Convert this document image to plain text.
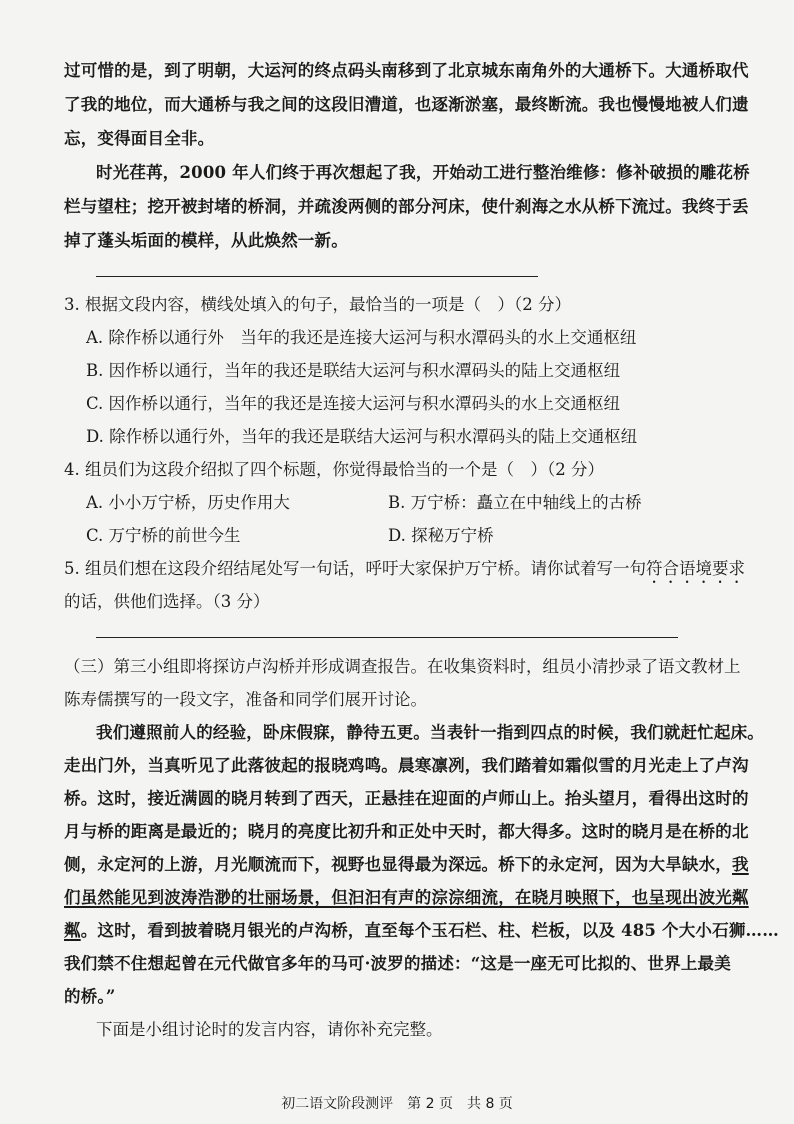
过可惜的是，到了明朝，大运河的终点码头南移到了北京城东南角外的大通桥下。大通桥取代
了我的地位，而大通桥与我之间的这段旧漕道，也逐渐淤塞，最终断流。我也慢慢地被人们遗
忘，变得面目全非。
时光荏苒，2000 年人们终于再次想起了我，开始动工进行整治维修：修补破损的雕花桥
栏与望柱；挖开被封堵的桥洞，并疏浚两侧的部分河床，使什刹海之水从桥下流过。我终于丢
掉了蓬头垢面的模样，从此焕然一新。
3. 根据文段内容，横线处填入的句子，最恰当的一项是（　）（2 分）
A. 除作桥以通行外　当年的我还是连接大运河与积水潭码头的水上交通枢纽
B. 因作桥以通行，当年的我还是联结大运河与积水潭码头的陆上交通枢纽
C. 因作桥以通行，当年的我还是连接大运河与积水潭码头的水上交通枢纽
D. 除作桥以通行外，当年的我还是联结大运河与积水潭码头的陆上交通枢纽
4. 组员们为这段介绍拟了四个标题，你觉得最恰当的一个是（　）（2 分）
A. 小小万宁桥，历史作用大	B. 万宁桥：矗立在中轴线上的古桥
C. 万宁桥的前世今生	D. 探秘万宁桥
5. 组员们想在这段介绍结尾处写一句话，呼吁大家保护万宁桥。请你试着写一句符合语境要求
的话，供他们选择。（3 分）
（三）第三小组即将探访卢沟桥并形成调查报告。在收集资料时，组员小清抄录了语文教材上
陈寿儒撰写的一段文字，准备和同学们展开讨论。
我们遵照前人的经验，卧床假寐，静待五更。当表针一指到四点的时候，我们就赶忙起床。
走出门外，当真听见了此落彼起的报晓鸡鸣。晨寒凛冽，我们踏着如霜似雪的月光走上了卢沟
桥。这时，接近满圆的晓月转到了西天，正悬挂在迎面的卢师山上。抬头望月，看得出这时的
月与桥的距离是最近的；晓月的亮度比初升和正处中天时，都大得多。这时的晓月是在桥的北
侧，永定河的上游，月光顺流而下，视野也显得最为深远。桥下的永定河，因为大旱缺水，我
们虽然能见到波涛浩渺的壮丽场景，但汩汩有声的淙淙细流，在晓月映照下，也呈现出波光粼
粼。这时，看到披着晓月银光的卢沟桥，直至每个玉石栏、柱、栏板，以及 485 个大小石狮……
我们禁不住想起曾在元代做官多年的马可·波罗的描述：“这是一座无可比拟的、世界上最美
的桥。”
下面是小组讨论时的发言内容，请你补充完整。
初二语文阶段测评　第 2 页　共 8 页
